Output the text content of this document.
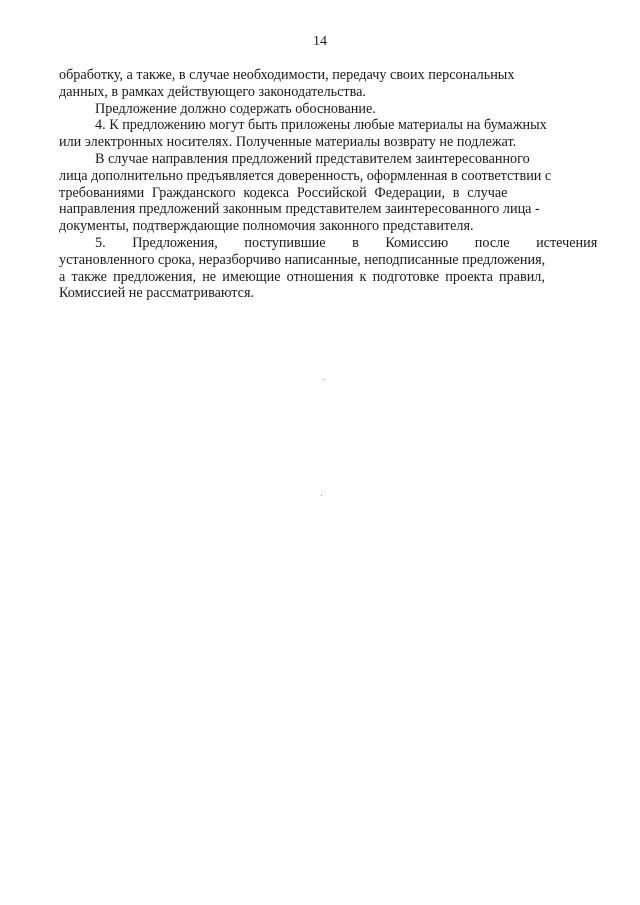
14
обработку, а также, в случае необходимости, передачу своих персональных
данных, в рамках действующего законодательства.
Предложение должно содержать обоснование.
4. К предложению могут быть приложены любые материалы на бумажных
или электронных носителях. Полученные материалы возврату не подлежат.
В случае направления предложений представителем заинтересованного
лица дополнительно предъявляется доверенность, оформленная в соответствии с
требованиями Гражданского кодекса Российской Федерации, в случае
направления предложений законным представителем заинтересованного лица -
документы, подтверждающие полномочия законного представителя.
5. Предложения, поступившие в Комиссию после истечения
установленного срока, неразборчиво написанные, неподписанные предложения,
а также предложения, не имеющие отношения к подготовке проекта правил,
Комиссией не рассматриваются.
